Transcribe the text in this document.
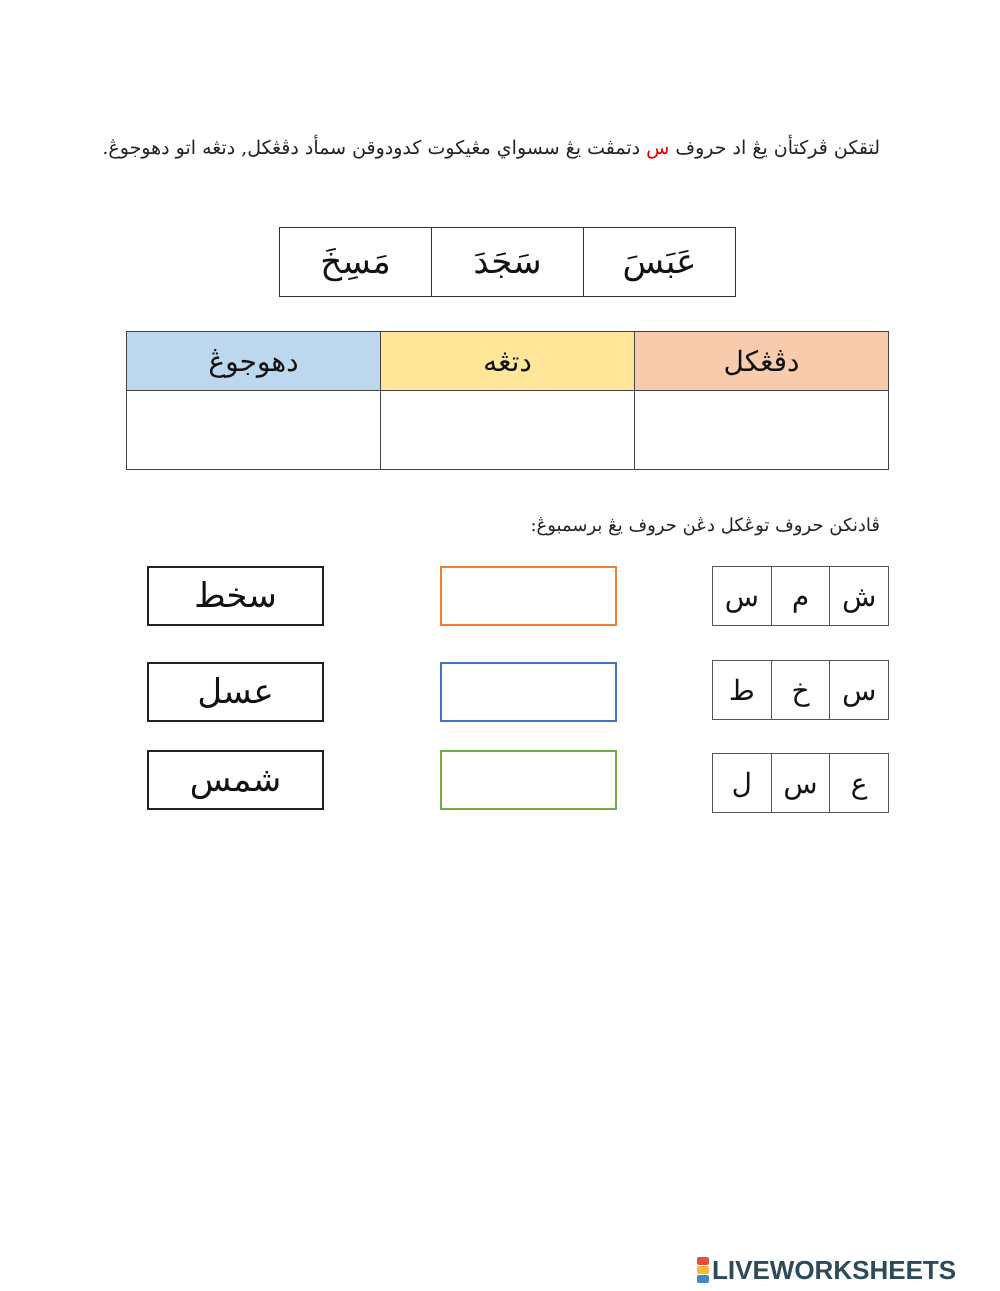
لتقكن ڤركتأن يڠ اد حروف س دتمڤت يڠ سسواي مڠيكوت كدودوقن سمأد دڤڠكل, دتڠه اتو دهوجوڠ.
عَبَسَ
سَجَدَ
مَسِخَ
دڤڠكل
دتڠه
دهوجوڠ
ڤادنكن حروف توڠكل دڠن حروف يڠ برسمبوڠ:
ش
م
س
سخط
س
خ
ط
عسل
ع
س
ل
شمس
LIVEWORKSHEETS
